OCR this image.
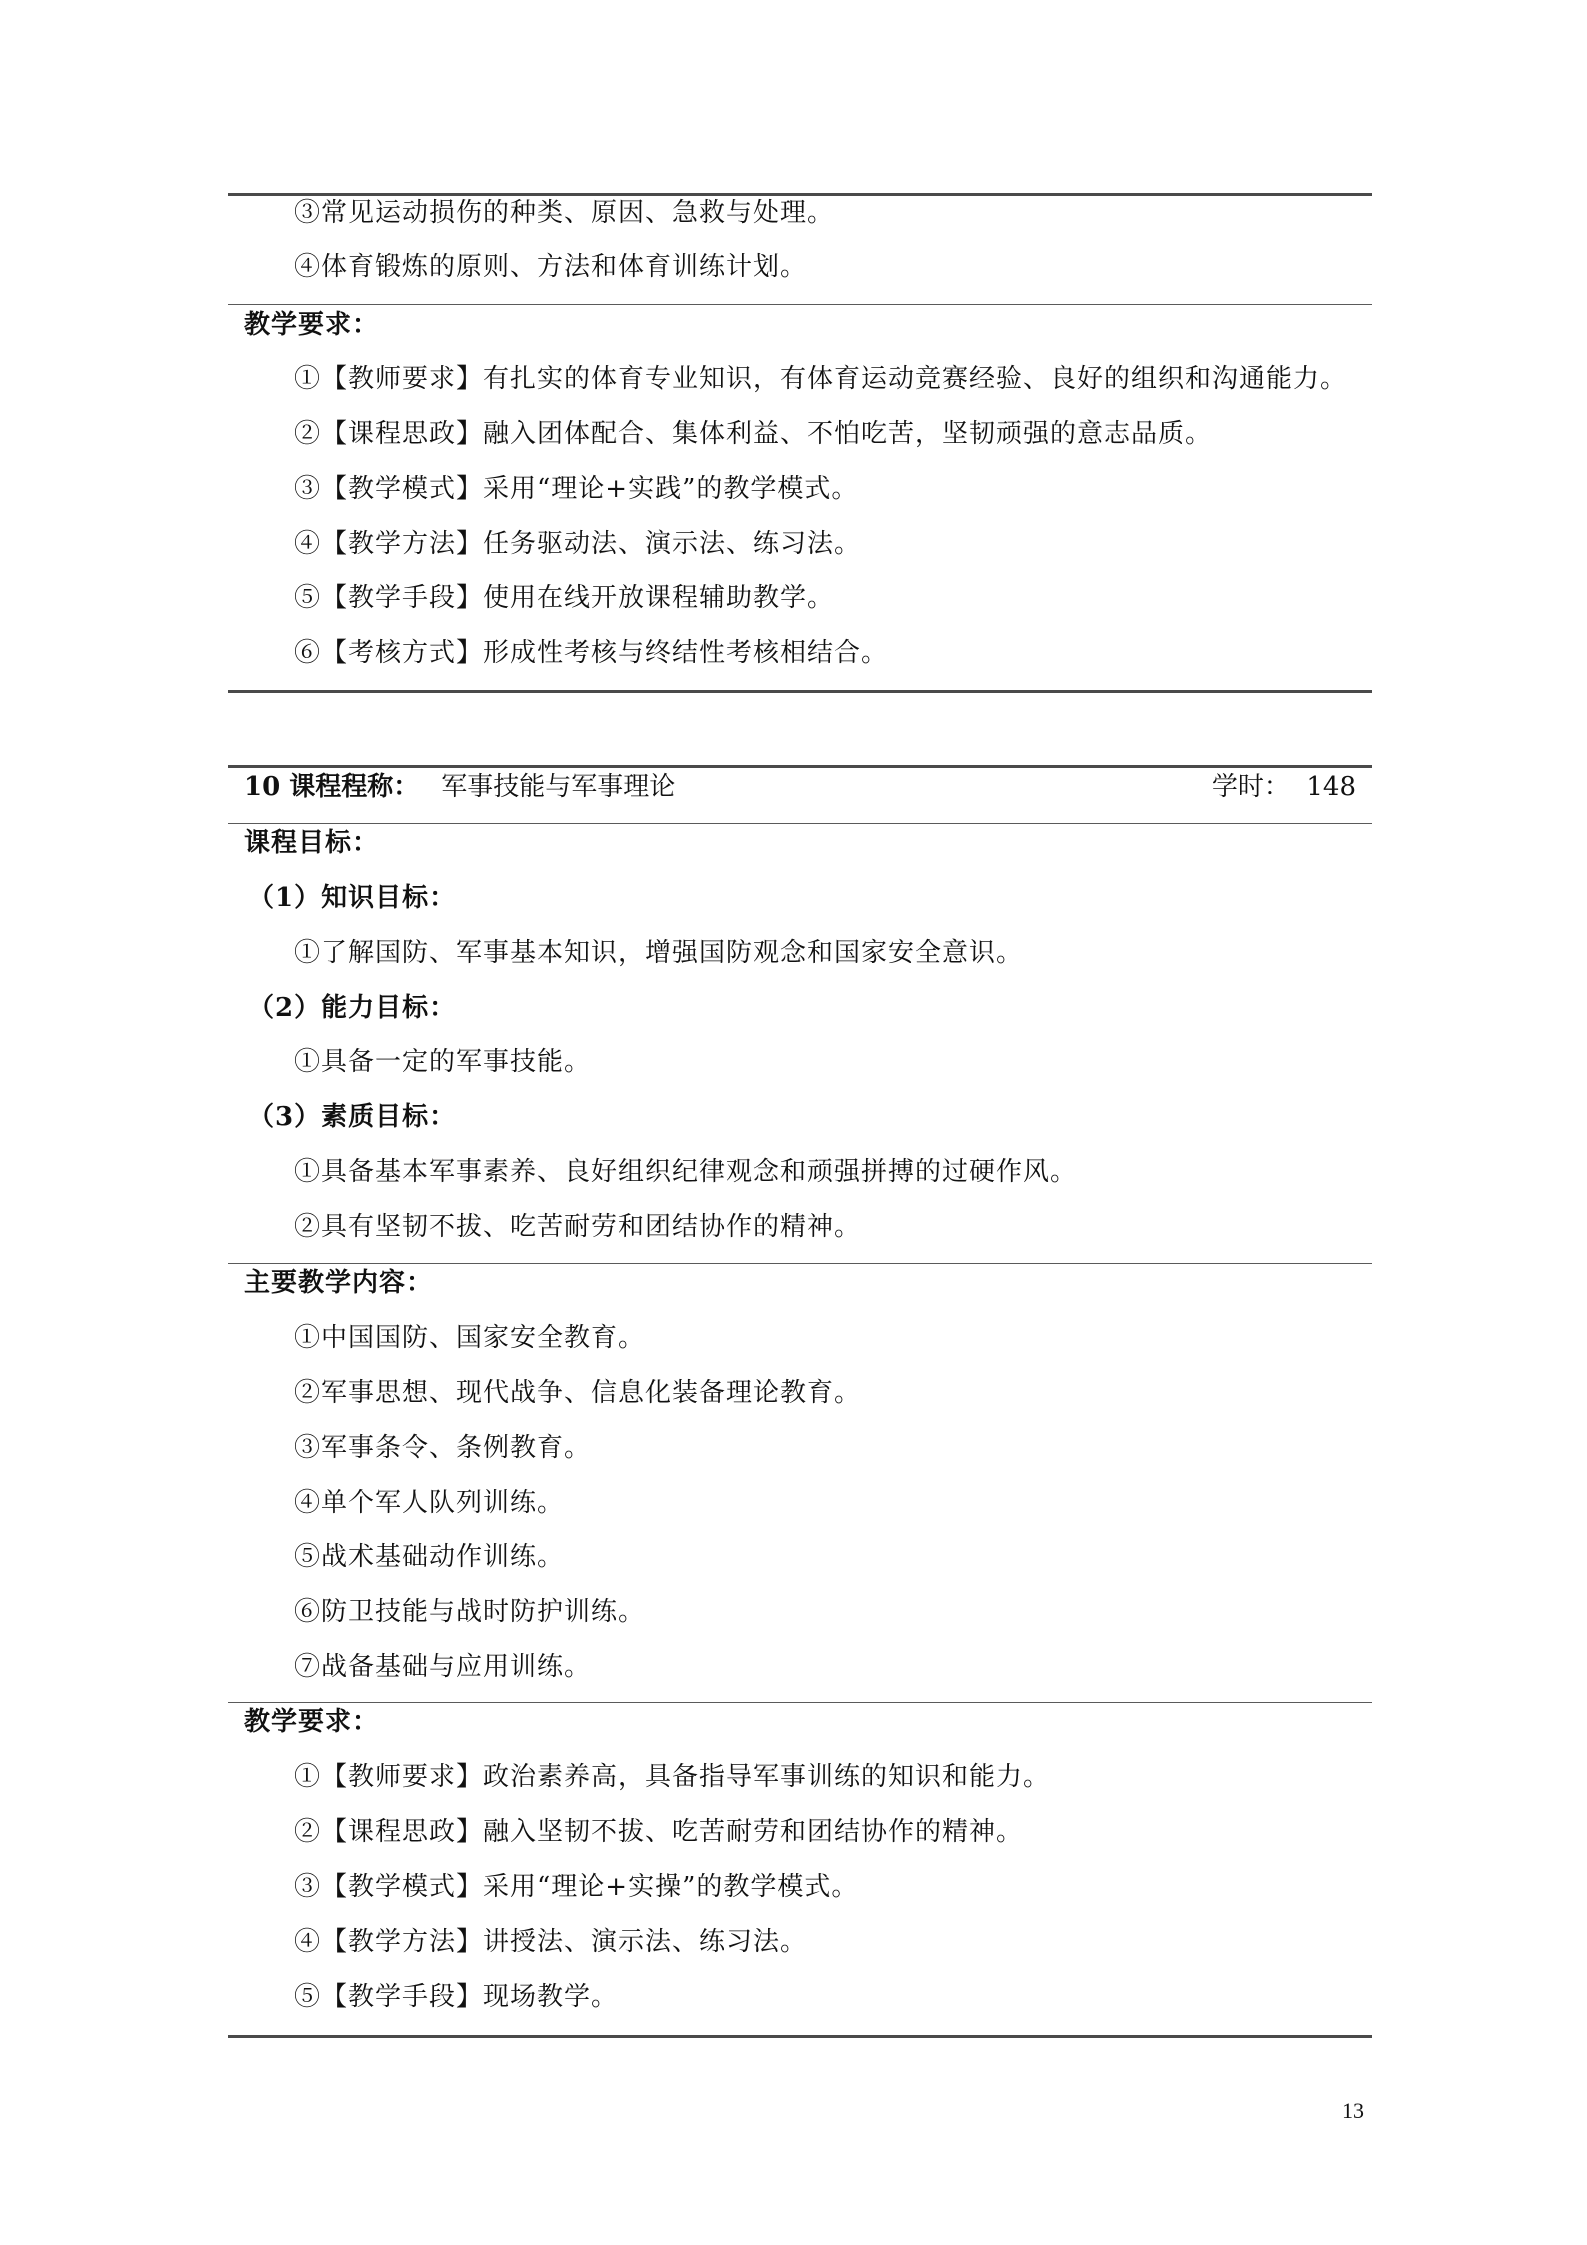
③常见运动损伤的种类、原因、急救与处理。
④体育锻炼的原则、方法和体育训练计划。
教学要求：
①【教师要求】有扎实的体育专业知识，有体育运动竞赛经验、良好的组织和沟通能力。
②【课程思政】融入团体配合、集体利益、不怕吃苦，坚韧顽强的意志品质。
③【教学模式】采用“理论+实践”的教学模式。
④【教学方法】任务驱动法、演示法、练习法。
⑤【教学手段】使用在线开放课程辅助教学。
⑥【考核方式】形成性考核与终结性考核相结合。
10 课程程称： 军事技能与军事理论	学时： 148
课程目标：
（1）知识目标：
①了解国防、军事基本知识，增强国防观念和国家安全意识。
（2）能力目标：
①具备一定的军事技能。
（3）素质目标：
①具备基本军事素养、良好组织纪律观念和顽强拼搏的过硬作风。
②具有坚韧不拔、吃苦耐劳和团结协作的精神。
主要教学内容：
①中国国防、国家安全教育。
②军事思想、现代战争、信息化装备理论教育。
③军事条令、条例教育。
④单个军人队列训练。
⑤战术基础动作训练。
⑥防卫技能与战时防护训练。
⑦战备基础与应用训练。
教学要求：
①【教师要求】政治素养高，具备指导军事训练的知识和能力。
②【课程思政】融入坚韧不拔、吃苦耐劳和团结协作的精神。
③【教学模式】采用“理论+实操”的教学模式。
④【教学方法】讲授法、演示法、练习法。
⑤【教学手段】现场教学。
13
